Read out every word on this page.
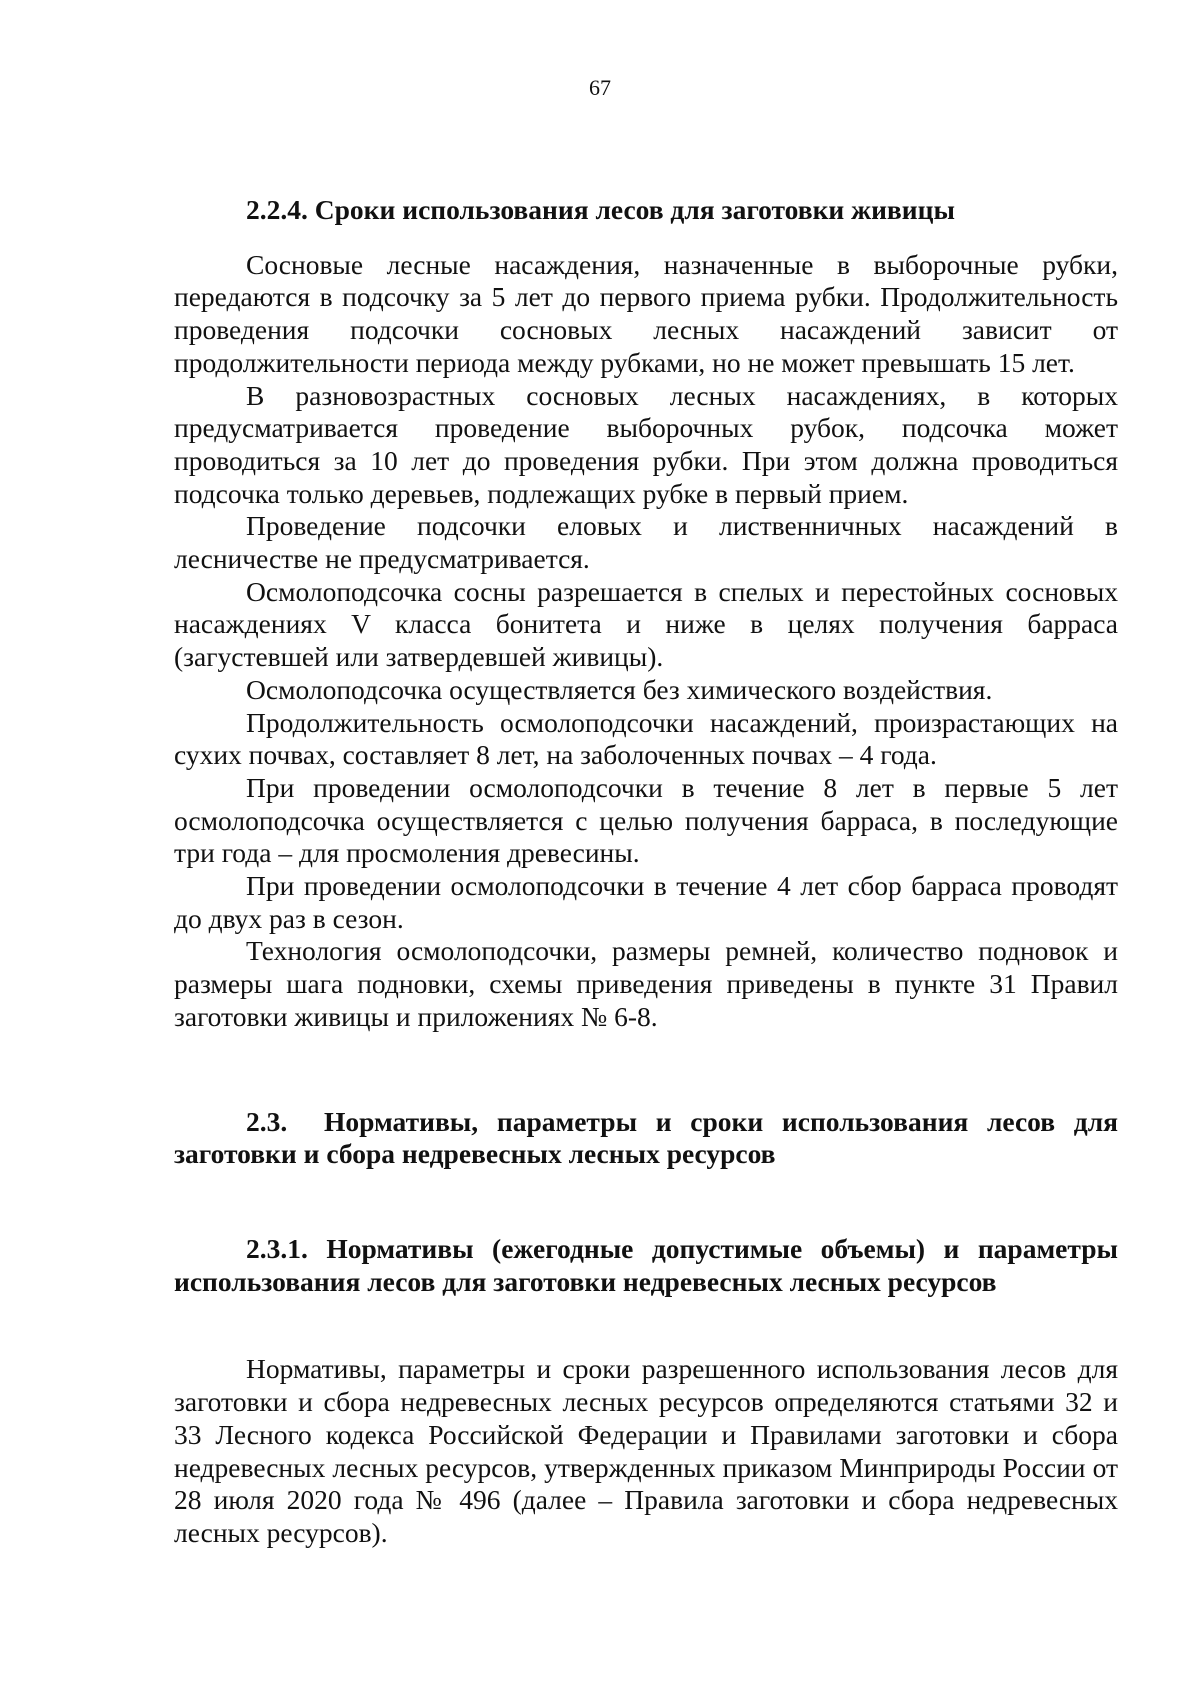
67

2.2.4. Сроки использования лесов для заготовки живицы

Сосновые лесные насаждения, назначенные в выборочные рубки, передаются в подсочку за 5 лет до первого приема рубки. Продолжительность проведения подсочки сосновых лесных насаждений зависит от продолжительности периода между рубками, но не может превышать 15 лет.

В разновозрастных сосновых лесных насаждениях, в которых предусматривается проведение выборочных рубок, подсочка может проводиться за 10 лет до проведения рубки. При этом должна проводиться подсочка только деревьев, подлежащих рубке в первый прием.

Проведение подсочки еловых и лиственничных насаждений в лесничестве не предусматривается.

Осмолоподсочка сосны разрешается в спелых и перестойных сосновых насаждениях V класса бонитета и ниже в целях получения барраса (загустевшей или затвердевшей живицы).

Осмолоподсочка осуществляется без химического воздействия.

Продолжительность осмолоподсочки насаждений, произрастающих на сухих почвах, составляет 8 лет, на заболоченных почвах – 4 года.

При проведении осмолоподсочки в течение 8 лет в первые 5 лет осмолоподсочка осуществляется с целью получения барраса, в последующие три года – для просмоления древесины.

При проведении осмолоподсочки в течение 4 лет сбор барраса проводят до двух раз в сезон.

Технология осмолоподсочки, размеры ремней, количество подновок и размеры шага подновки, схемы приведения приведены в пункте 31 Правил заготовки живицы и приложениях № 6-8.

2.3. Нормативы, параметры и сроки использования лесов для заготовки и сбора недревесных лесных ресурсов

2.3.1. Нормативы (ежегодные допустимые объемы) и параметры использования лесов для заготовки недревесных лесных ресурсов

Нормативы, параметры и сроки разрешенного использования лесов для заготовки и сбора недревесных лесных ресурсов определяются статьями 32 и 33 Лесного кодекса Российской Федерации и Правилами заготовки и сбора недревесных лесных ресурсов, утвержденных приказом Минприроды России от 28 июля 2020 года № 496 (далее – Правила заготовки и сбора недревесных лесных ресурсов).
